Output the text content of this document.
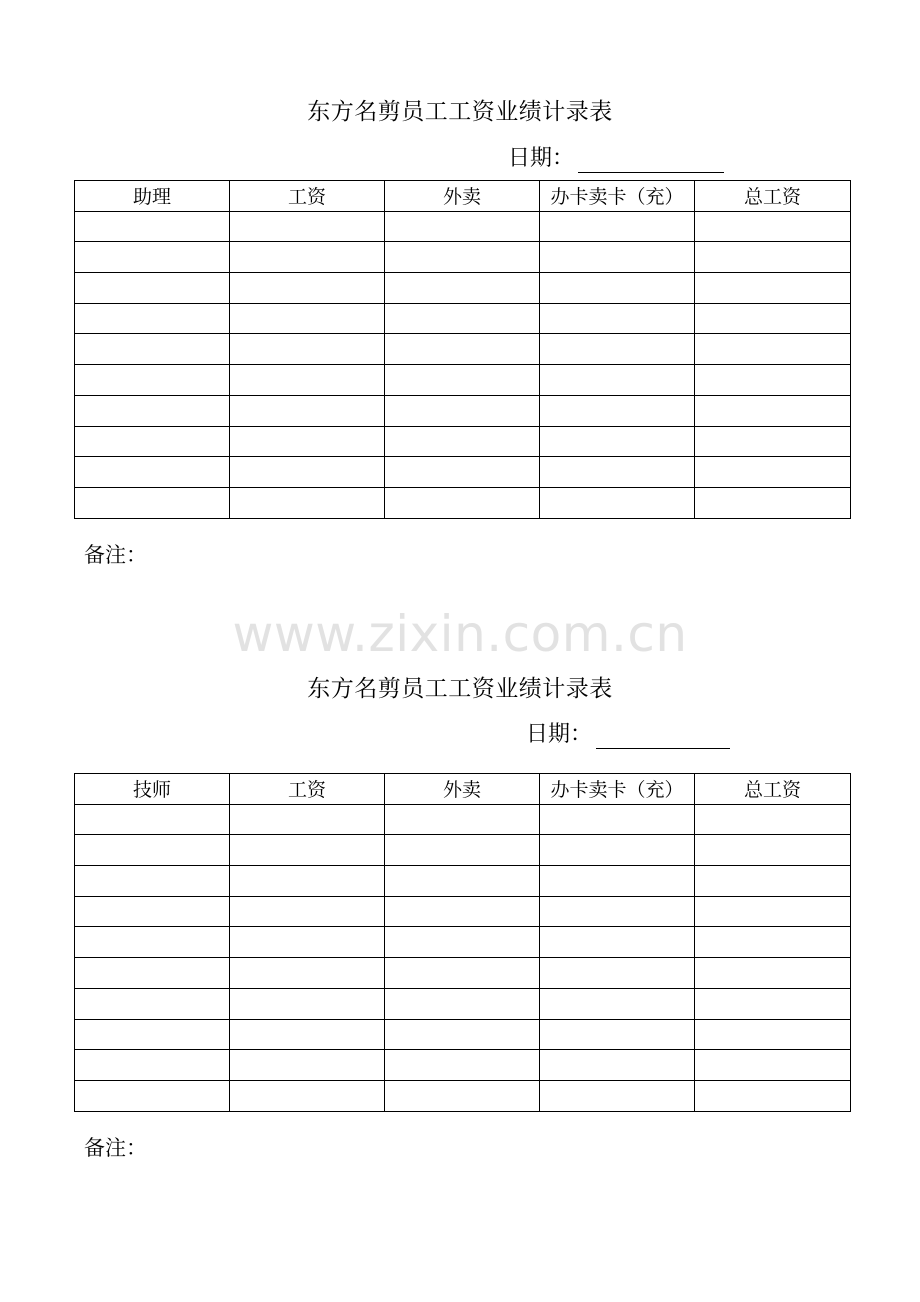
东方名剪员工工资业绩计录表
日期：
助理	工资	外卖	办卡卖卡（充）	总工资

备注：
www.zixin.com.cn
东方名剪员工工资业绩计录表
日期：
技师	工资	外卖	办卡卖卡（充）	总工资

备注：
